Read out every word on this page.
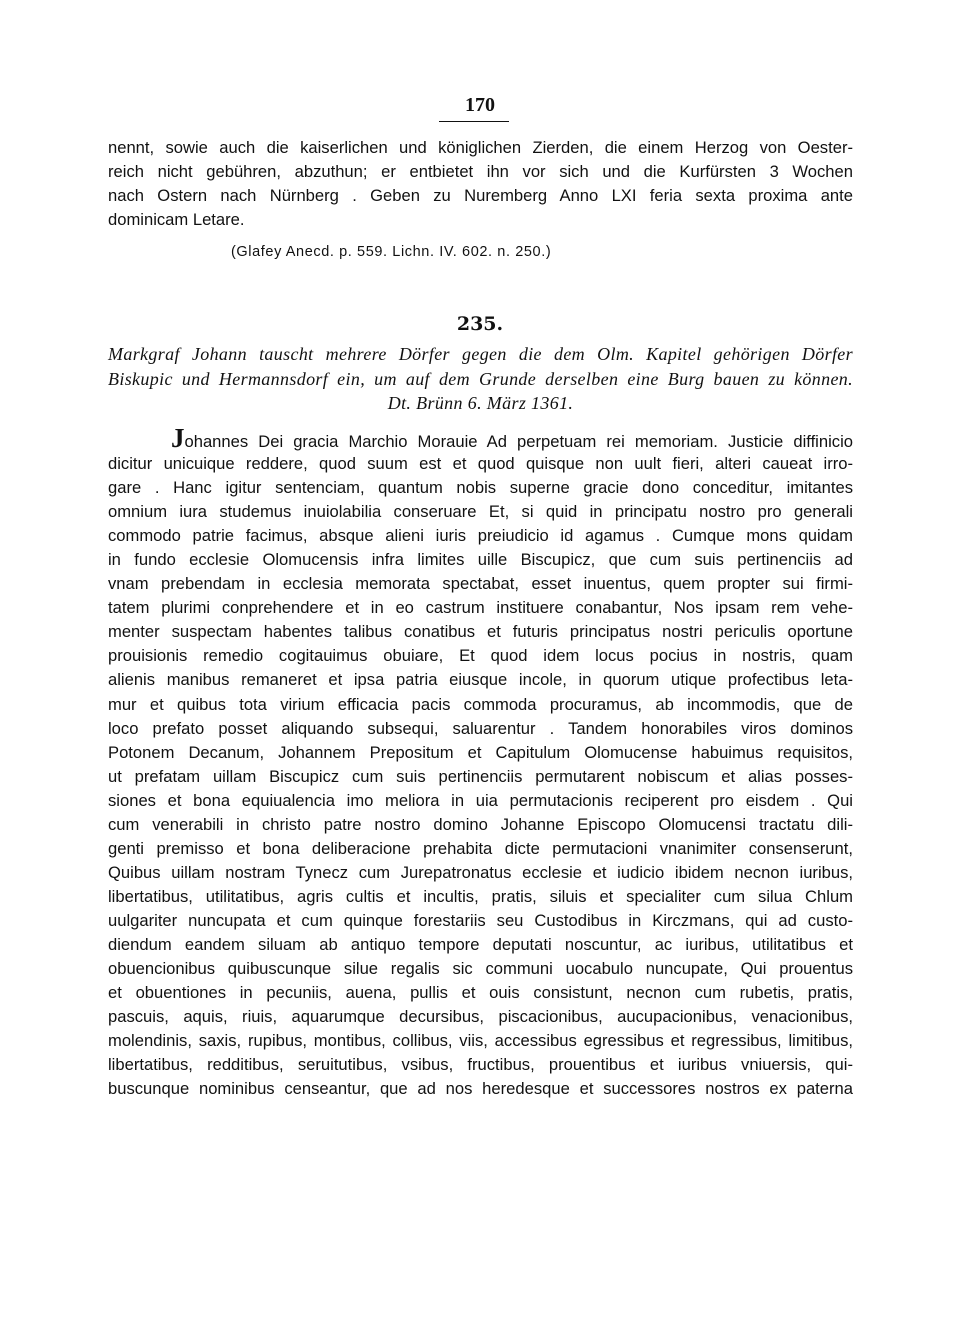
170
nennt, sowie auch die kaiserlichen und königlichen Zierden, die einem Herzog von Oester-
reich nicht gebühren, abzuthun; er entbietet ihn vor sich und die Kurfürsten 3 Wochen
nach Ostern nach Nürnberg . Geben zu Nuremberg Anno LXI feria sexta proxima ante
dominicam Letare.
(Glafey Anecd. p. 559. Lichn. IV. 602. n. 250.)
235.
Markgraf Johann tauscht mehrere Dörfer gegen die dem Olm. Kapitel gehörigen Dörfer
Biskupic und Hermannsdorf ein, um auf dem Grunde derselben eine Burg bauen zu können.
Dt. Brünn 6. März 1361.
Johannes Dei gracia Marchio Morauie Ad perpetuam rei memoriam. Justicie diffinicio
dicitur unicuique reddere, quod suum est et quod quisque non uult fieri, alteri caueat irro-
gare . Hanc igitur sentenciam, quantum nobis superne gracie dono conceditur, imitantes
omnium iura studemus inuiolabilia conseruare Et, si quid in principatu nostro pro generali
commodo patrie facimus, absque alieni iuris preiudicio id agamus . Cumque mons quidam
in fundo ecclesie Olomucensis infra limites uille Biscupicz, que cum suis pertinenciis ad
vnam prebendam in ecclesia memorata spectabat, esset inuentus, quem propter sui firmi-
tatem plurimi conprehendere et in eo castrum instituere conabantur, Nos ipsam rem vehe-
menter suspectam habentes talibus conatibus et futuris principatus nostri periculis oportune
prouisionis remedio cogitauimus obuiare, Et quod idem locus pocius in nostris, quam
alienis manibus remaneret et ipsa patria eiusque incole, in quorum utique profectibus leta-
mur et quibus tota virium efficacia pacis commoda procuramus, ab incommodis, que de
loco prefato posset aliquando subsequi, saluarentur . Tandem honorabiles viros dominos
Potonem Decanum, Johannem Prepositum et Capitulum Olomucense habuimus requisitos,
ut prefatam uillam Biscupicz cum suis pertinenciis permutarent nobiscum et alias posses-
siones et bona equiualencia imo meliora in uia permutacionis reciperent pro eisdem . Qui
cum venerabili in christo patre nostro domino Johanne Episcopo Olomucensi tractatu dili-
genti premisso et bona deliberacione prehabita dicte permutacioni vnanimiter consenserunt,
Quibus uillam nostram Tynecz cum Jurepatronatus ecclesie et iudicio ibidem necnon iuribus,
libertatibus, utilitatibus, agris cultis et incultis, pratis, siluis et specialiter cum silua Chlum
uulgariter nuncupata et cum quinque forestariis seu Custodibus in Kirczmans, qui ad custo-
diendum eandem siluam ab antiquo tempore deputati noscuntur, ac iuribus, utilitatibus et
obuencionibus quibuscunque silue regalis sic communi uocabulo nuncupate, Qui prouentus
et obuentiones in pecuniis, auena, pullis et ouis consistunt, necnon cum rubetis, pratis,
pascuis, aquis, riuis, aquarumque decursibus, piscacionibus, aucupacionibus, venacionibus,
molendinis, saxis, rupibus, montibus, collibus, viis, accessibus egressibus et regressibus, limitibus,
libertatibus, redditibus, seruitutibus, vsibus, fructibus, prouentibus et iuribus vniuersis, qui-
buscunque nominibus censeantur, que ad nos heredesque et successores nostros ex paterna
